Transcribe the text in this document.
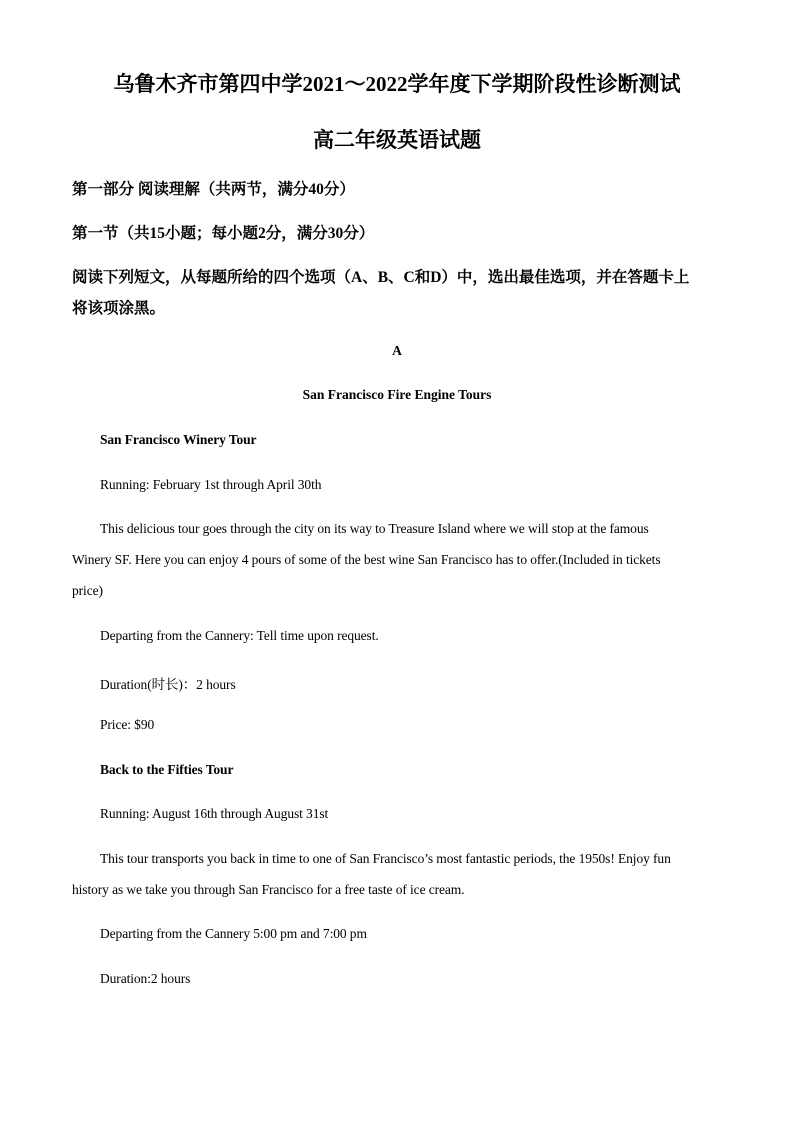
乌鲁木齐市第四中学2021～2022学年度下学期阶段性诊断测试
高二年级英语试题
第一部分 阅读理解（共两节，满分40分）
第一节（共15小题；每小题2分，满分30分）
阅读下列短文，从每题所给的四个选项（A、B、C和D）中，选出最佳选项，并在答题卡上
将该项涂黑。
A
San Francisco Fire Engine Tours
San Francisco Winery Tour
Running: February 1st through April 30th
This delicious tour goes through the city on its way to Treasure Island where we will stop at the famous
Winery SF. Here you can enjoy 4 pours of some of the best wine San Francisco has to offer.(Included in tickets
price)
Departing from the Cannery: Tell time upon request.
Duration(时长)：2 hours
Price: $90
Back to the Fifties Tour
Running: August 16th through August 31st
This tour transports you back in time to one of San Francisco’s most fantastic periods, the 1950s! Enjoy fun
history as we take you through San Francisco for a free taste of ice cream.
Departing from the Cannery 5:00 pm and 7:00 pm
Duration:2 hours
